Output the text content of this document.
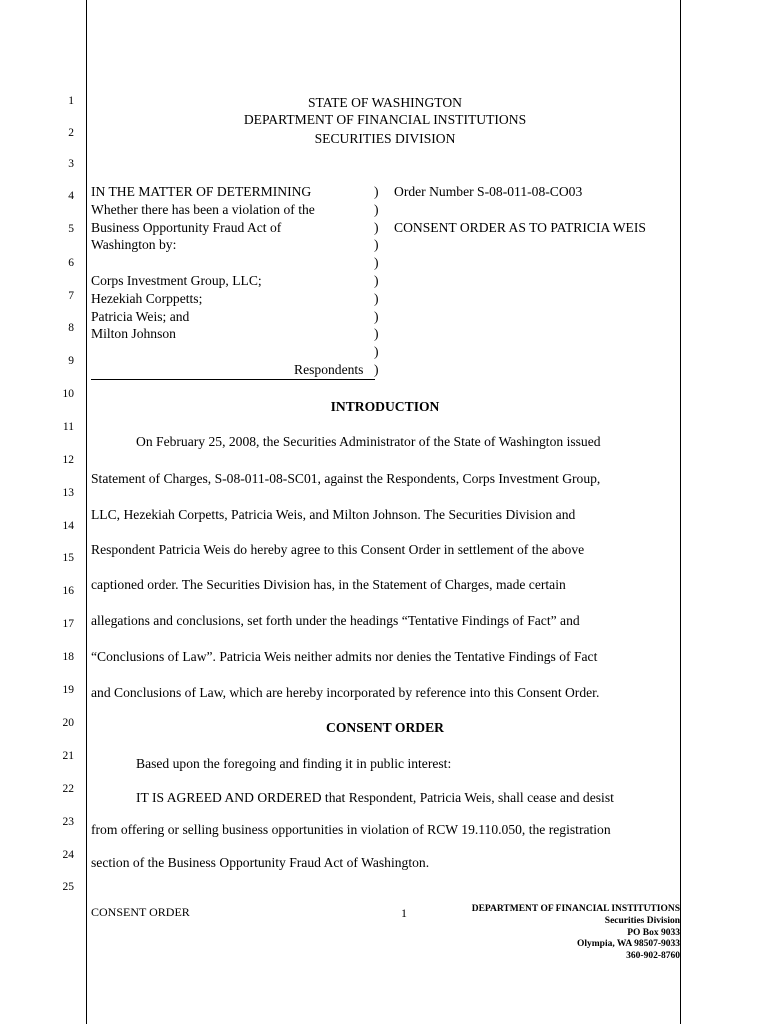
1
2
3
4
5
6
7
8
9
10
11
12
13
14
15
16
17
18
19
20
21
22
23
24
25
STATE OF WASHINGTON
DEPARTMENT OF FINANCIAL INSTITUTIONS
SECURITIES DIVISION
IN THE MATTER OF DETERMINING
Whether there has been a violation of the
Business Opportunity Fraud Act of
Washington by:
Corps Investment Group, LLC;
Hezekiah Corppetts;
Patricia Weis; and
Milton Johnson
)
)
)
)
)
)
)
)
)
)
)
Respondents
Order Number S-08-011-08-CO03
CONSENT ORDER AS TO PATRICIA WEIS
INTRODUCTION
On February 25, 2008, the Securities Administrator of the State of Washington issued
Statement of Charges, S-08-011-08-SC01, against the Respondents, Corps Investment Group,
LLC, Hezekiah Corpetts, Patricia Weis, and Milton Johnson. The Securities Division and
Respondent Patricia Weis do hereby agree to this Consent Order in settlement of the above
captioned order. The Securities Division has, in the Statement of Charges, made certain
allegations and conclusions, set forth under the headings “Tentative Findings of Fact” and
“Conclusions of Law”. Patricia Weis neither admits nor denies the Tentative Findings of Fact
and Conclusions of Law, which are hereby incorporated by reference into this Consent Order.
CONSENT ORDER
Based upon the foregoing and finding it in public interest:
IT IS AGREED AND ORDERED that Respondent, Patricia Weis, shall cease and desist
from offering or selling business opportunities in violation of RCW 19.110.050, the registration
section of the Business Opportunity Fraud Act of Washington.
CONSENT ORDER	1	DEPARTMENT OF FINANCIAL INSTITUTIONS
Securities Division
PO Box 9033
Olympia, WA 98507-9033
360-902-8760
